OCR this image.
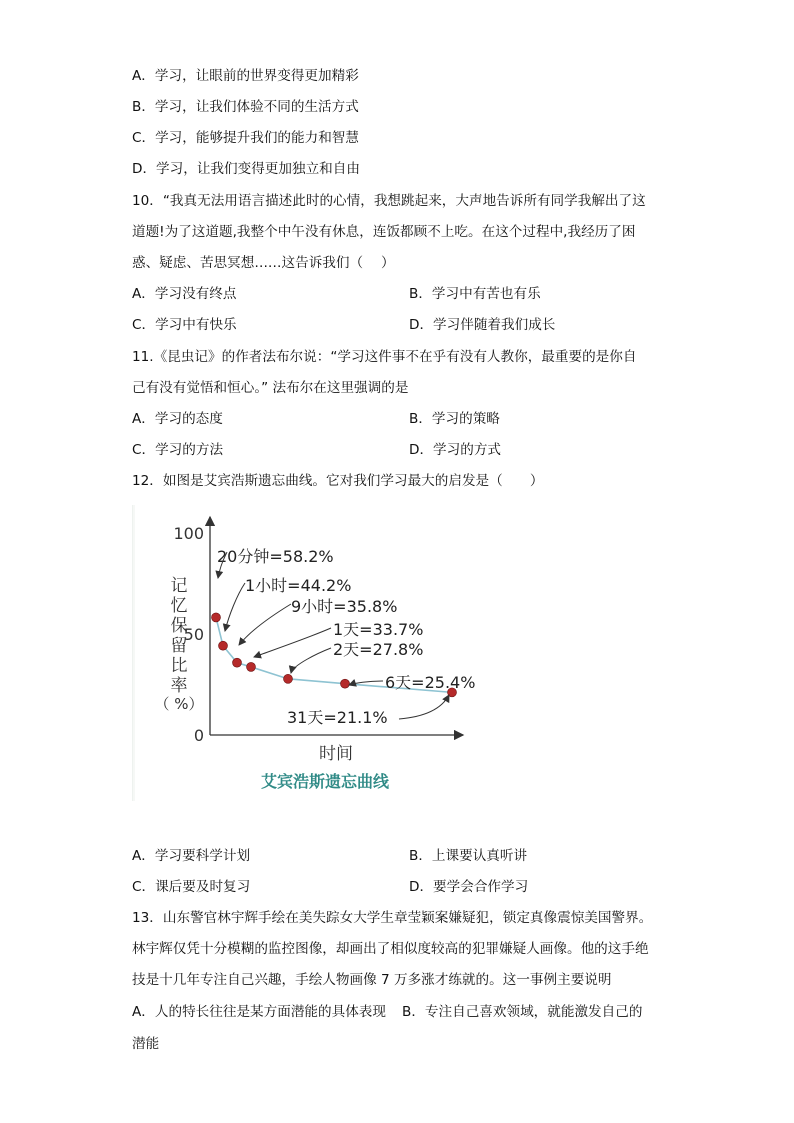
A．学习，让眼前的世界变得更加精彩
B．学习，让我们体验不同的生活方式
C．学习，能够提升我们的能力和智慧
D．学习，让我们变得更加独立和自由
10．“我真无法用语言描述此时的心情，我想跳起来，大声地告诉所有同学我解出了这
道题!为了这道题,我整个中午没有休息，连饭都顾不上吃。在这个过程中,我经历了困
惑、疑虑、苦思冥想……这告诉我们（　 ）
A．学习没有终点	B．学习中有苦也有乐
C．学习中有快乐	D．学习伴随着我们成长
11.《昆虫记》的作者法布尔说：“学习这件事不在乎有没有人教你，最重要的是你自
己有没有觉悟和恒心。” 法布尔在这里强调的是
A．学习的态度	B．学习的策略
C．学习的方法	D．学习的方式
12．如图是艾宾浩斯遗忘曲线。它对我们学习最大的启发是（　　）
100
50
0
记
忆
保
留
比
率
（ %）
时间
艾宾浩斯遗忘曲线
20分钟=58.2%
1小时=44.2%
9小时=35.8%
1天=33.7%
2天=27.8%
6天=25.4%
31天=21.1%
A．学习要科学计划	B．上课要认真听讲
C．课后要及时复习	D．要学会合作学习
13．山东警官林宇辉手绘在美失踪女大学生章莹颖案嫌疑犯，锁定真像震惊美国警界。
林宇辉仅凭十分模糊的监控图像，却画出了相似度较高的犯罪嫌疑人画像。他的这手绝
技是十几年专注自己兴趣，手绘人物画像 7 万多涨才练就的。这一事例主要说明
A．人的特长往往是某方面潜能的具体表现 B．专注自己喜欢领域，就能激发自己的
潜能
